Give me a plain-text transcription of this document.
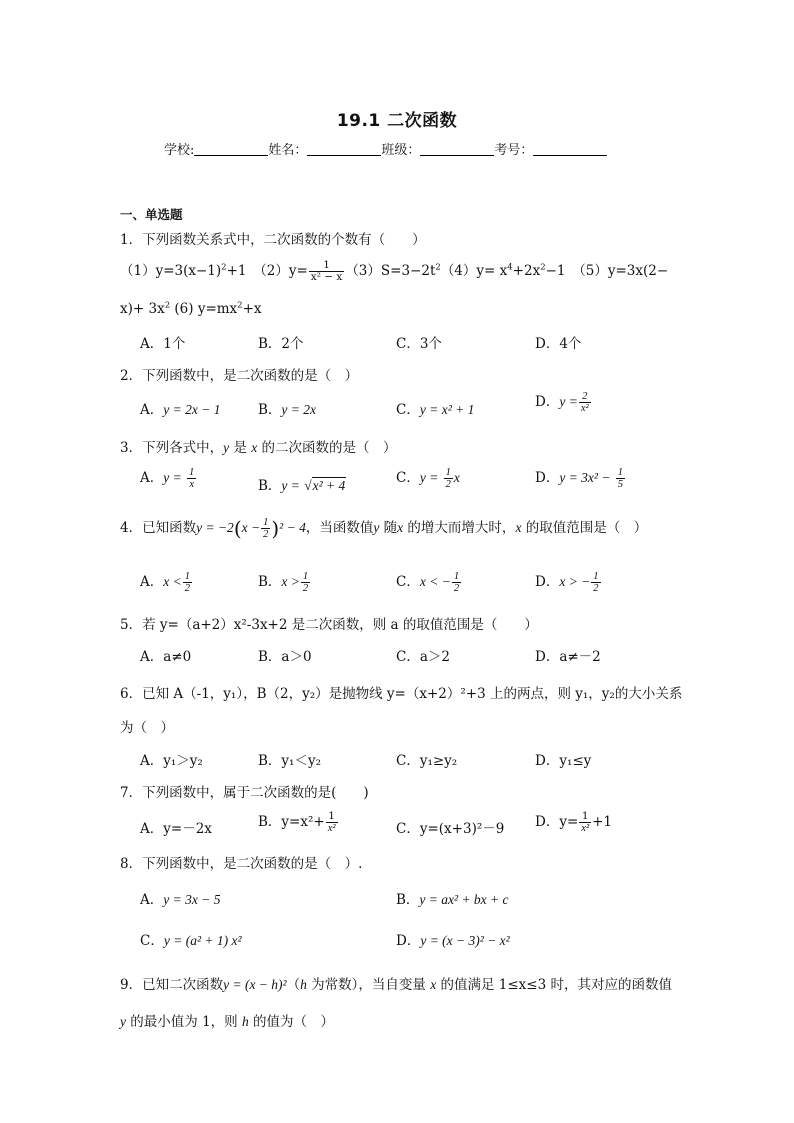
19.1 二次函数
学校:	姓名：	班级：	考号：
一、单选题
1．下列函数关系式中，二次函数的个数有（　　）
$(1)y=3(x-1)^2+1$　$(2)y= \frac{1}{\text{x² − x}} (3)S=3-2t^2(4)y= x^4+2x^2-1$　（5）y=3x(2−
$x)+ 3x^2$ (6) $y=mx^2+x$
A．1个	B．2个	C．3个	D．4个
2．下列函数中，是二次函数的是（　）
A．y = 2x − 1	B．y = 2x	C．y = x² + 1	D．$y = \frac{2}{\text{x²}}$
3．下列各式中，y 是 x 的二次函数的是（　）
A．$y = \frac{1}{x}$	B．y = √x² + 4	C．$y = \frac{1}{2}$ x	D．$y = 3x^2 - \frac{1}{5}$
4．已知函数$y = -2(x - \frac{1}{2} )^2 - 4$，当函数值y 随x 的增大而增大时，x 的取值范围是（　）
A．$x < \frac{1}{2}$	B．$x > \frac{1}{2}$	C．x < − $\frac{1}{2}$	D．x > − $\frac{1}{2}$
5．若 y=（a+2）x²-3x+2 是二次函数，则 a 的取值范围是（　　）
A．a≠0	B．a＞0	C．a＞2	D．a≠－2
6．已知 A（-1，y₁），B（2，y₂）是抛物线 y=（x+2）²+3 上的两点，则 y₁，y₂的大小关系
为（　）
A．y₁＞y₂	B．y₁＜y₂	C．y₁≥y₂	D．y₁≤y
7．下列函数中，属于二次函数的是(　　)
A．y=－2x	B．$y=x^2+ \frac{1}{\text{x²}}$	C．y=(x+3)²－9 D．$y= \frac{1}{\text{x²}} +1$
8．下列函数中，是二次函数的是（　）.
A．y = 3x − 5	B．y = ax² + bx + c
C．y = (a² + 1) x²	D．y = (x − 3)² − x²
9．已知二次函数y = (x − h)²（h 为常数），当自变量 x 的值满足 1≤x≤3 时，其对应的函数值
y 的最小值为 1，则 h 的值为（　）
